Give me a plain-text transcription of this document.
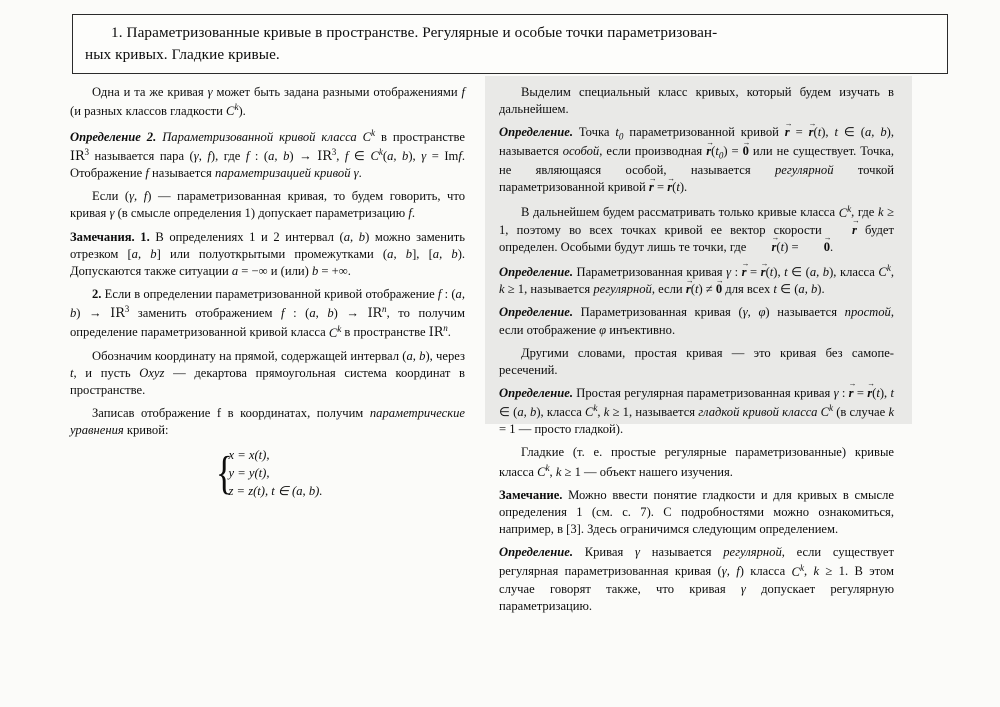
1. Параметризованные кривые в пространстве. Регулярные и особые точки параметризован-
ных кривых. Гладкие кривые.

Одна и та же кривая γ может быть задана разными отображениями f (и разных классов гладкости $C^k$).

Определение 2. Параметризованной кривой класса $C^k$ в пространстве $IR^3$ называется пара (γ, f), где f : (a, $b) \to IR^3$, f ∈ $C^k(a$, b), γ = Imf. Отображение f называется параметризацией кривой γ.

Если (γ, f) — параметризованная кривая, то будем говорить, что кривая γ (в смысле определения 1) допускает параметризацию f.

Замечания. 1. В определениях 1 и 2 интервал (a, b) можно заменить отрезком [a, b] или полуоткрытыми промежутками (a, b], [a, b). Допускаются также ситуации a = −∞ и (или) b = +∞.

2. Если в определении параметризованной кривой отображение f : (a, $b) \to IR^3$ заменить отображением f : (a, $b) \to IR^n$, то получим определение параметризованной кривой класса $C^k$ в пространстве $IR^n$.

Обозначим координату на прямой, содержащей интервал (a, b), через t, и пусть Oxyz — декартова прямоугольная система координат в пространстве.

Записав отображение f в координатах, получим параметрические уравнения кривой:

{
x = x(t),
y = y(t),
z = z(t), t ∈ (a, b).

Выделим специальный класс кривых, который будем изучать в дальнейшем.

Определение. Точка $t_0$ параметризованной кривой r → = r →(t), t ∈ (a, b), называется особой, если производная $r \to(t_0) = 0$ → или не существует. Точка, не являющаяся особой, называется регулярной точкой параметризованной кривой r → = r →(t).

В дальнейшем будем рассматривать только кривые класса $C^k$, где k ≥ 1, поэтому во всех точках кривой ее вектор скорости r → будет определен. Особыми будут лишь те точки, где r →(t) = 0 →.

Определение. Параметризованная кривая γ : r → = r →(t), t ∈ (a, b), класса $C^k$, k ≥ 1, называется регулярной, если r →(t) ≠ 0 → для всех t ∈ (a, b).

Определение. Параметризованная кривая (γ, φ) называется простой, если отображение φ инъективно.

Другими словами, простая кривая — это кривая без самопересечений.

Определение. Простая регулярная параметризованная кривая γ : r → = r →(t), t ∈ (a, b), класса $C^k$, k ≥ 1, называется гладкой кривой класса $C^k$ (в случае k = 1 — просто гладкой).

Гладкие (т. е. простые регулярные параметризованные) кривые класса $C^k$, k ≥ 1 — объект нашего изучения.

Замечание. Можно ввести понятие гладкости и для кривых в смысле определения 1 (см. с. 7). С подробностями можно ознакомиться, например, в [3]. Здесь ограничимся следующим определением.

Определение. Кривая γ называется регулярной, если существует регулярная параметризованная кривая (γ, f) класса $C^k$, k ≥ 1. В этом случае говорят также, что кривая γ допускает регулярную параметризацию.
